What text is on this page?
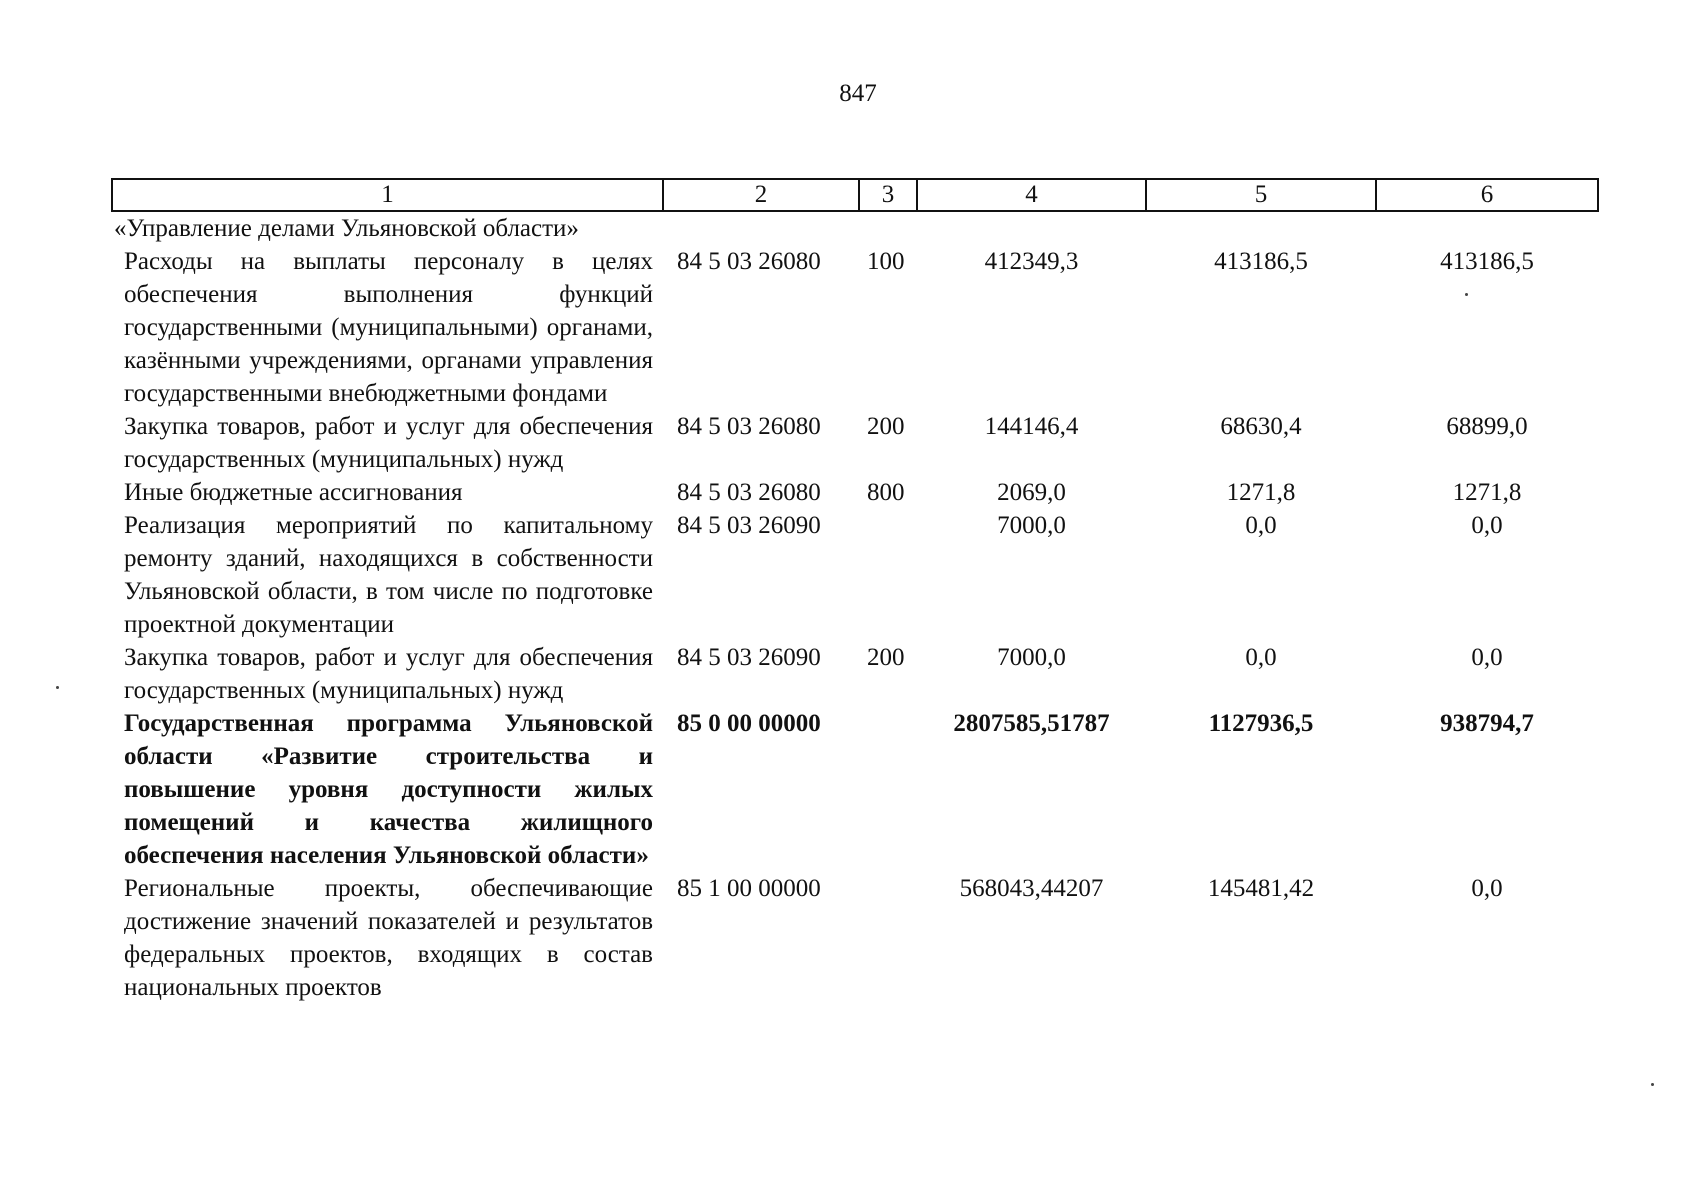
847
1	2	3	4	5	6
«Управление делами Ульяновской области»					
Расходы на выплаты персоналу в целях обеспечения выполнения функций государственными (муниципальными) органами, казёнными учреждениями, органами управления государственными внебюджетными фондами	84 5 03 26080	100	412349,3	413186,5	413186,5
Закупка товаров, работ и услуг для обеспечения государственных (муниципальных) нужд	84 5 03 26080	200	144146,4	68630,4	68899,0
Иные бюджетные ассигнования	84 5 03 26080	800	2069,0	1271,8	1271,8
Реализация мероприятий по капитальному ремонту зданий, находящихся в собственности Ульяновской области, в том числе по подготовке проектной документации	84 5 03 26090		7000,0	0,0	0,0
Закупка товаров, работ и услуг для обеспечения государственных (муниципальных) нужд	84 5 03 26090	200	7000,0	0,0	0,0
Государственная программа Ульяновской области «Развитие строительства и повышение уровня доступности жилых помещений и качества жилищного обеспечения населения Ульяновской области»	85 0 00 00000		2807585,51787	1127936,5	938794,7
Региональные проекты, обеспечивающие достижение значений показателей и результатов федеральных проектов, входящих в состав национальных проектов	85 1 00 00000		568043,44207	145481,42	0,0
